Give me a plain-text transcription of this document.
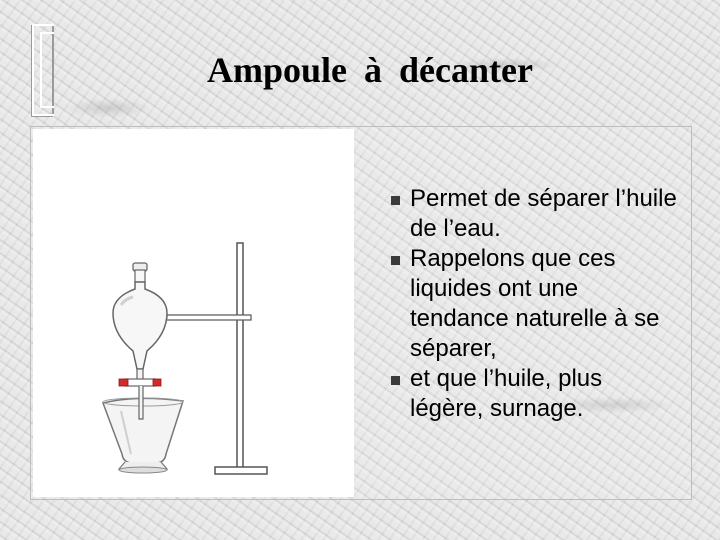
Ampoule à décanter
Permet de séparer l’huile de l’eau.
Rappelons que ces liquides ont une tendance naturelle à se séparer,
et que l’huile, plus légère, surnage.
